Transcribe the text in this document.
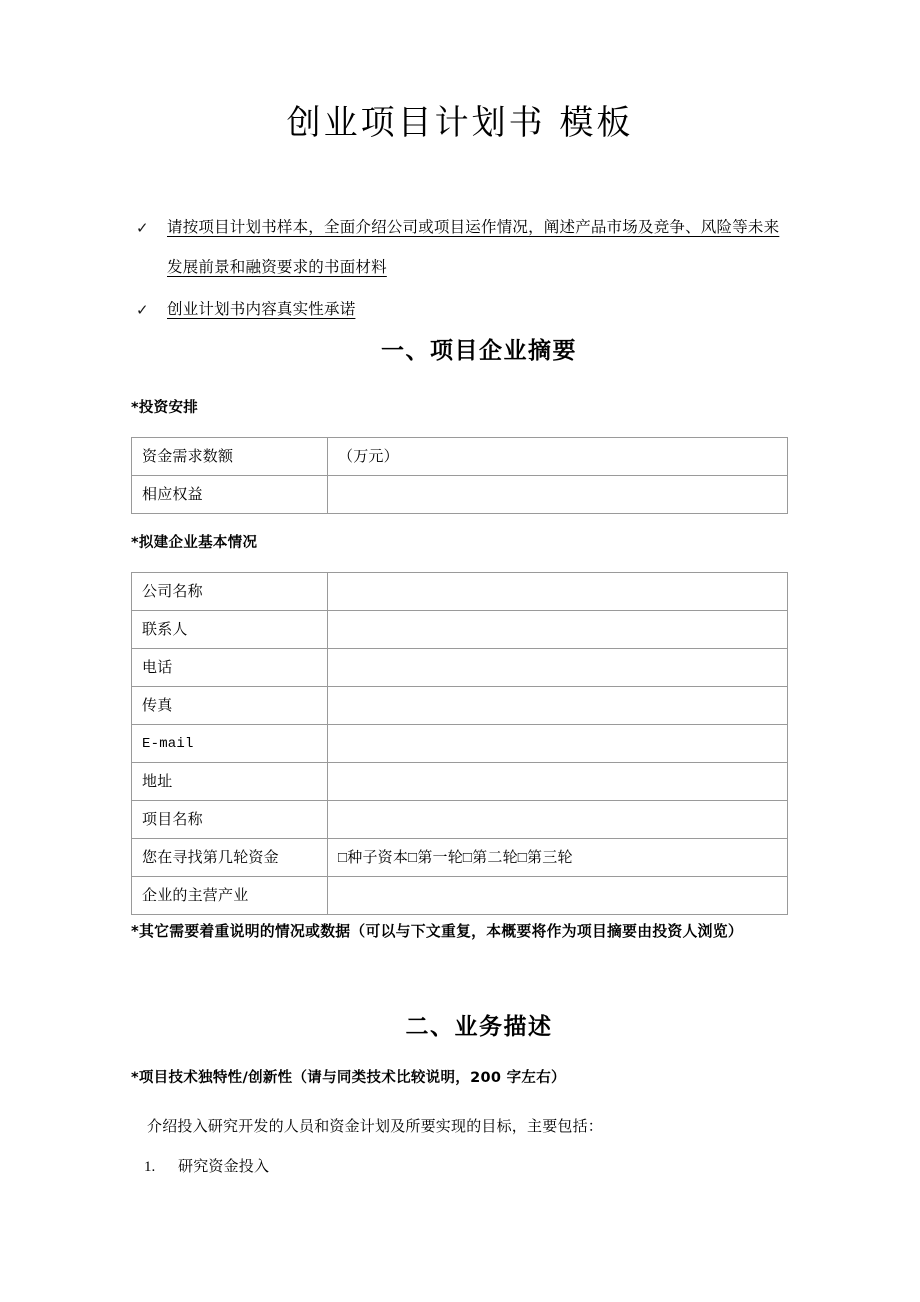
创业项目计划书 模板
✓	请按项目计划书样本，全面介绍公司或项目运作情况，阐述产品市场及竞争、风险等未来发展前景和融资要求的书面材料
✓	创业计划书内容真实性承诺
一、项目企业摘要
*投资安排
资金需求数额	（万元）
相应权益	
*拟建企业基本情况
公司名称	
联系人	
电话	
传真	
E-mail	
地址	
项目名称	
您在寻找第几轮资金	□种子资本□第一轮□第二轮□第三轮
企业的主营产业	
*其它需要着重说明的情况或数据（可以与下文重复，本概要将作为项目摘要由投资人浏览）
二、业务描述
*项目技术独特性/创新性（请与同类技术比较说明，200 字左右）
介绍投入研究开发的人员和资金计划及所要实现的目标，主要包括：
1.	研究资金投入
